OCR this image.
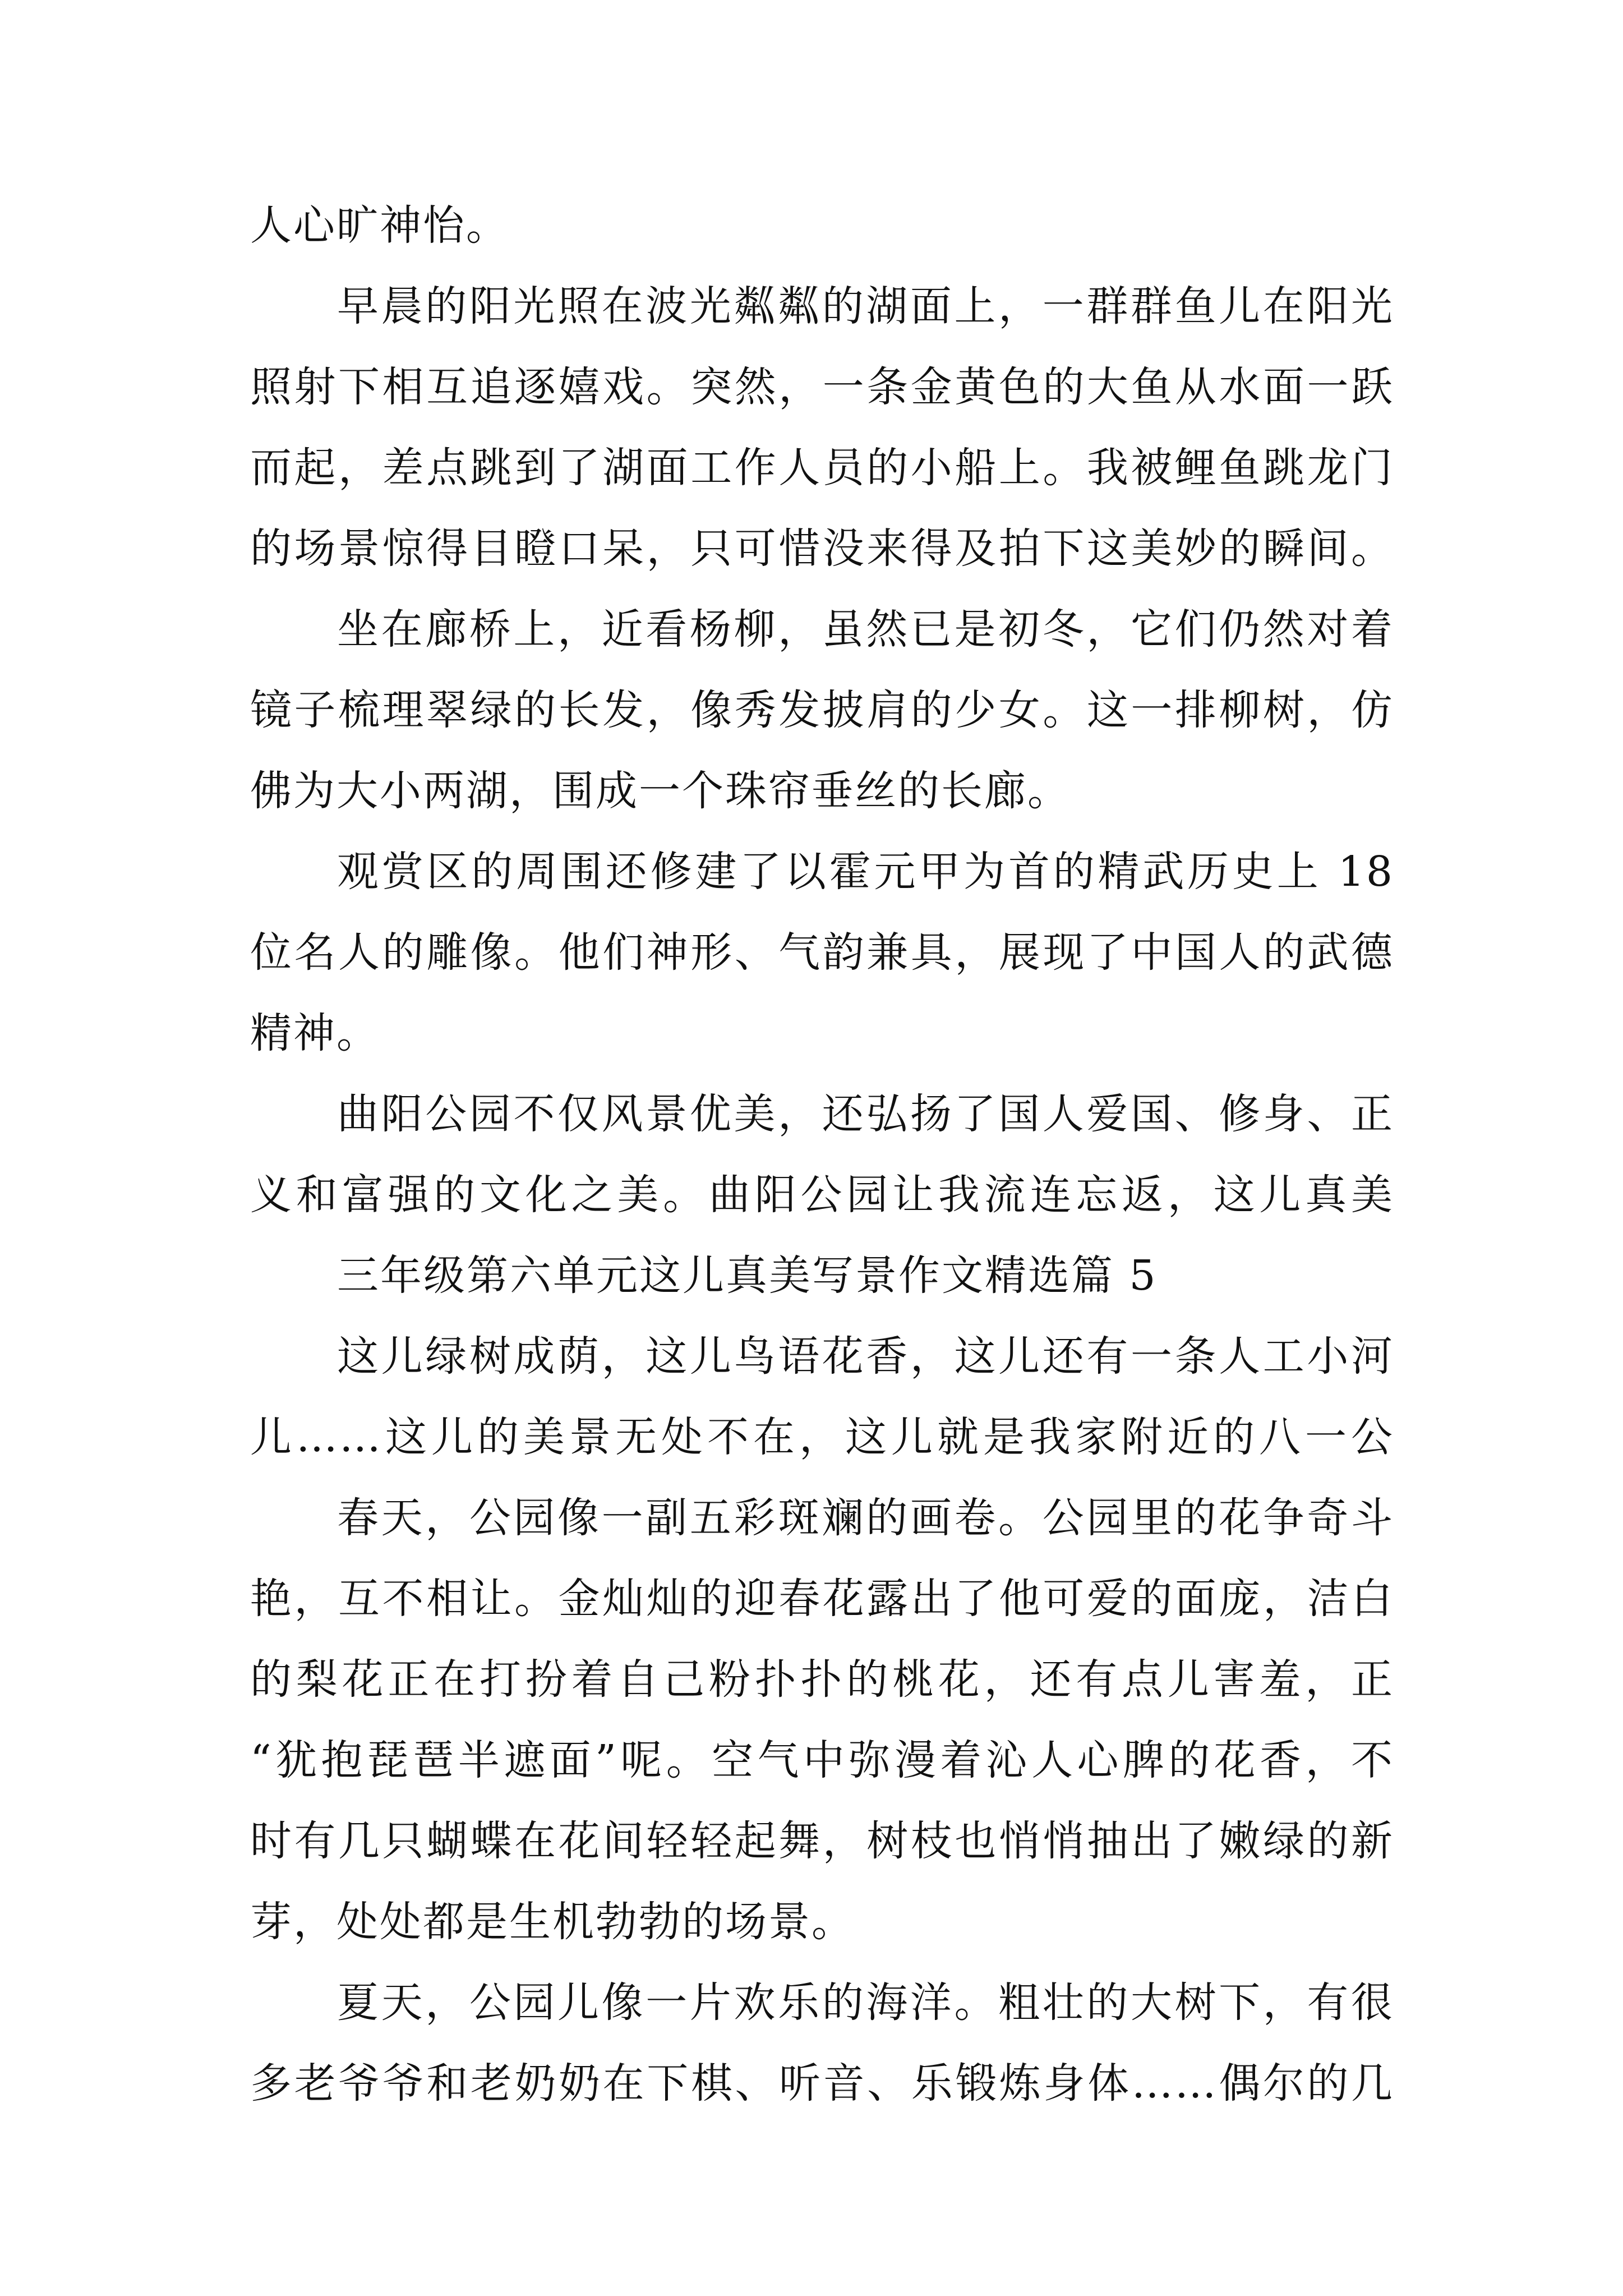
人心旷神怡。
早晨的阳光照在波光粼粼的湖面上，一群群鱼儿在阳光
照射下相互追逐嬉戏。突然，一条金黄色的大鱼从水面一跃
而起，差点跳到了湖面工作人员的小船上。我被鲤鱼跳龙门
的场景惊得目瞪口呆，只可惜没来得及拍下这美妙的瞬间。
坐在廊桥上，近看杨柳，虽然已是初冬，它们仍然对着
镜子梳理翠绿的长发，像秀发披肩的少女。这一排柳树，仿
佛为大小两湖，围成一个珠帘垂丝的长廊。
观赏区的周围还修建了以霍元甲为首的精武历史上 18
位名人的雕像。他们神形、气韵兼具，展现了中国人的武德
精神。
曲阳公园不仅风景优美，还弘扬了国人爱国、修身、正
义和富强的文化之美。曲阳公园让我流连忘返，这儿真美
三年级第六单元这儿真美写景作文精选篇 5
这儿绿树成荫，这儿鸟语花香，这儿还有一条人工小河
儿……这儿的美景无处不在，这儿就是我家附近的八一公
春天，公园像一副五彩斑斓的画卷。公园里的花争奇斗
艳，互不相让。金灿灿的迎春花露出了他可爱的面庞，洁白
的梨花正在打扮着自己粉扑扑的桃花，还有点儿害羞，正
“犹抱琵琶半遮面”呢。空气中弥漫着沁人心脾的花香，不
时有几只蝴蝶在花间轻轻起舞，树枝也悄悄抽出了嫩绿的新
芽，处处都是生机勃勃的场景。
夏天，公园儿像一片欢乐的海洋。粗壮的大树下，有很
多老爷爷和老奶奶在下棋、听音、乐锻炼身体……偶尔的几
